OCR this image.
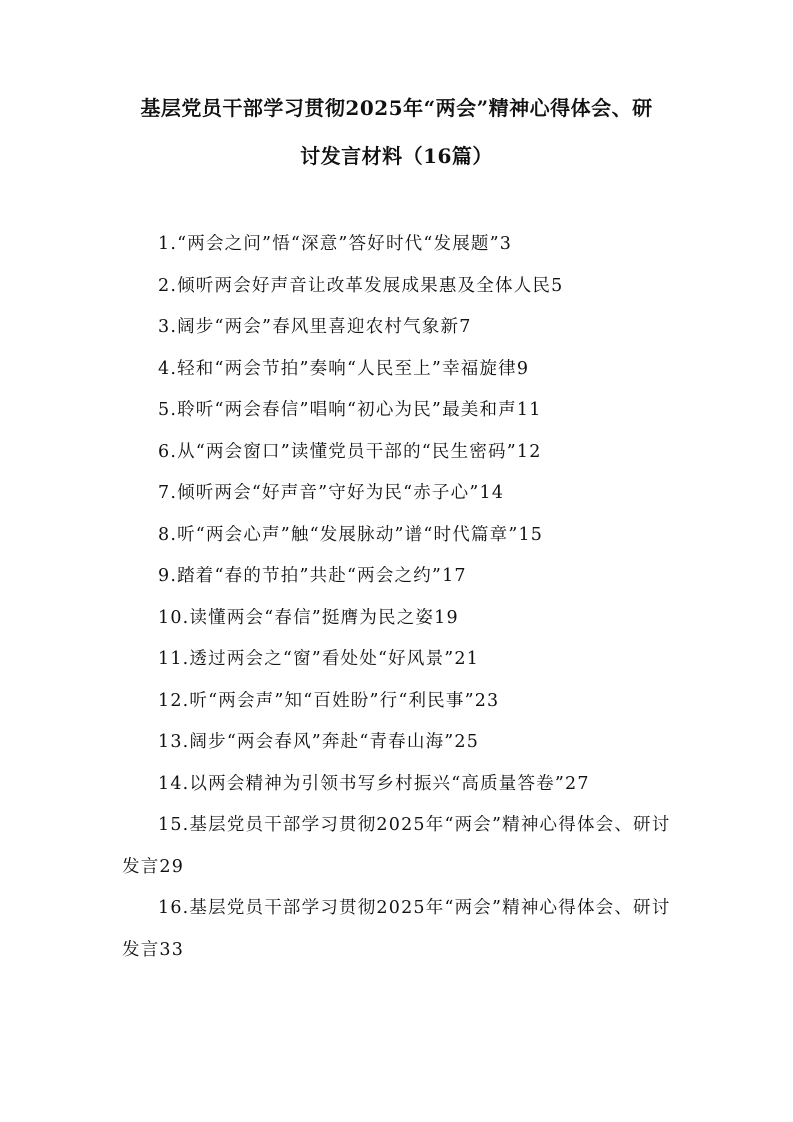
基层党员干部学习贯彻2025年“两会”精神心得体会、研
讨发言材料（16篇）
1.“两会之问”悟“深意”答好时代“发展题”3
2.倾听两会好声音让改革发展成果惠及全体人民5
3.阔步“两会”春风里喜迎农村气象新7
4.轻和“两会节拍”奏响“人民至上”幸福旋律9
5.聆听“两会春信”唱响“初心为民”最美和声11
6.从“两会窗口”读懂党员干部的“民生密码”12
7.倾听两会“好声音”守好为民“赤子心”14
8.听“两会心声”触“发展脉动”谱“时代篇章”15
9.踏着“春的节拍”共赴“两会之约”17
10.读懂两会“春信”挺膺为民之姿19
11.透过两会之“窗”看处处“好风景”21
12.听“两会声”知“百姓盼”行“利民事”23
13.阔步“两会春风”奔赴“青春山海”25
14.以两会精神为引领书写乡村振兴“高质量答卷”27
15.基层党员干部学习贯彻2025年“两会”精神心得体会、研讨发言29
16.基层党员干部学习贯彻2025年“两会”精神心得体会、研讨发言33
